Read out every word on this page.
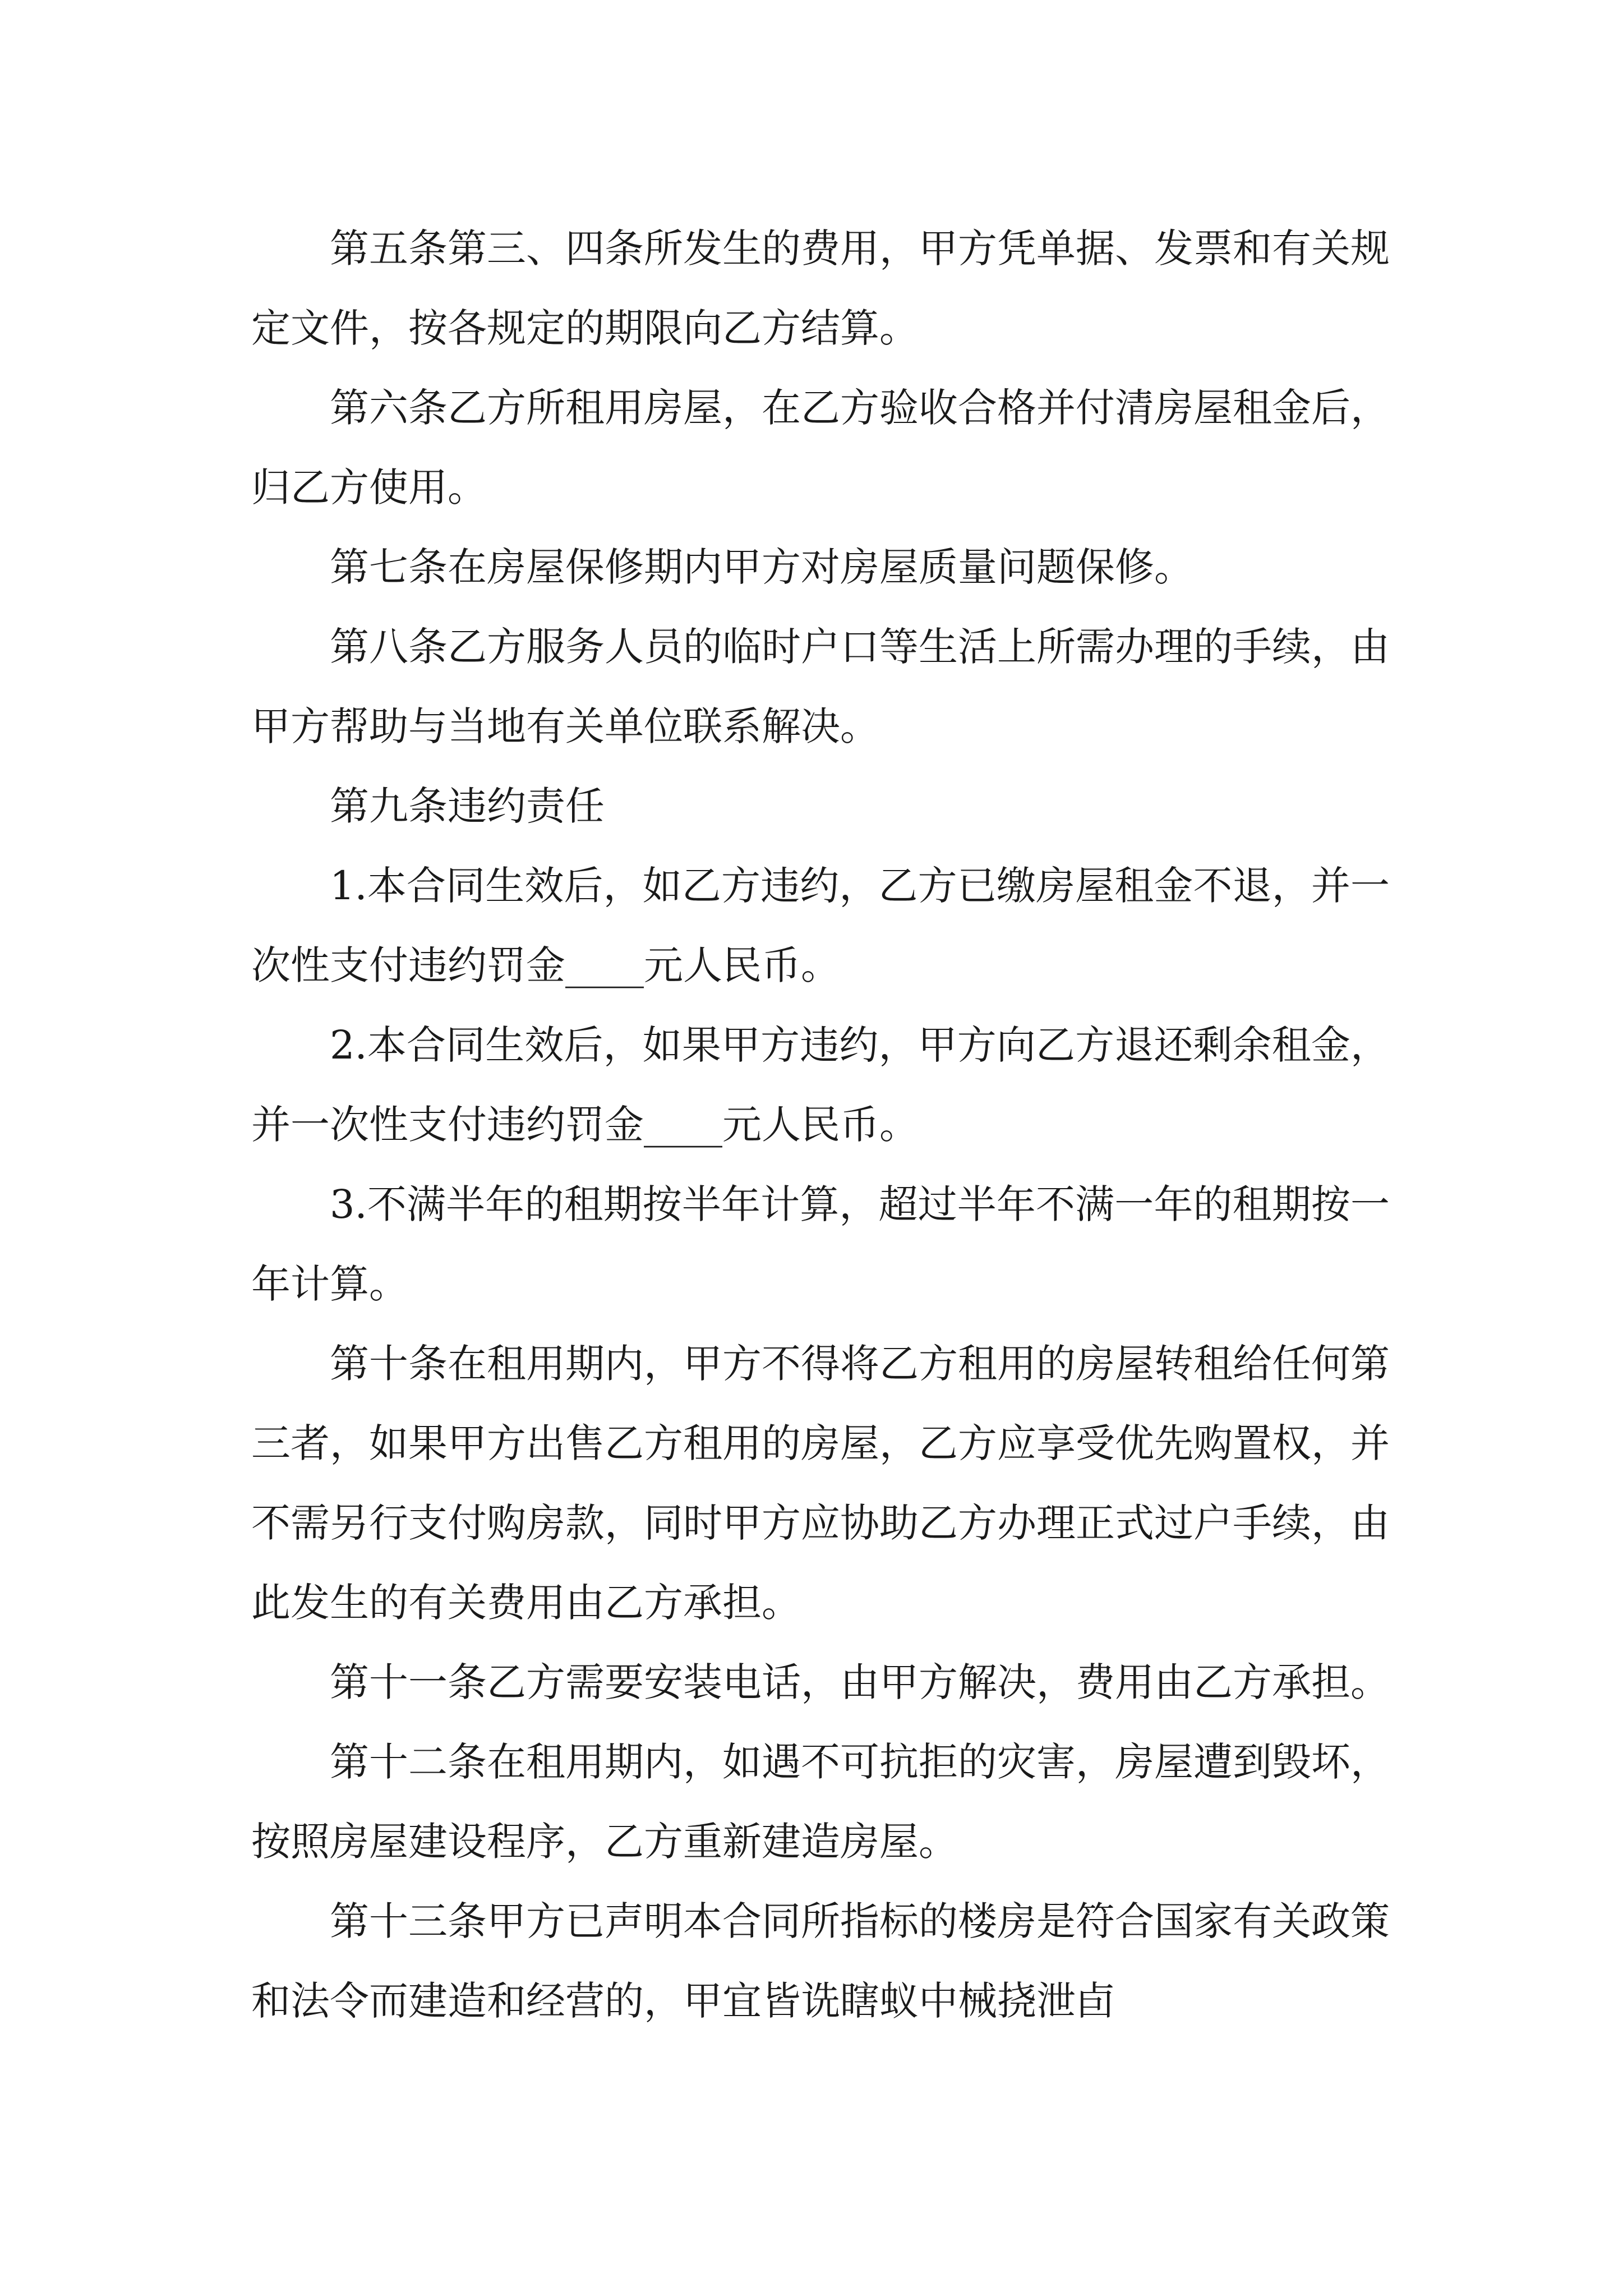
第五条第三、四条所发生的费用，甲方凭单据、发票和有关规定文件，按各规定的期限向乙方结算。

第六条乙方所租用房屋，在乙方验收合格并付清房屋租金后，归乙方使用。

第七条在房屋保修期内甲方对房屋质量问题保修。

第八条乙方服务人员的临时户口等生活上所需办理的手续，由甲方帮助与当地有关单位联系解决。

第九条违约责任

1.本合同生效后，如乙方违约，乙方已缴房屋租金不退，并一次性支付违约罚金____元人民币。

2.本合同生效后，如果甲方违约，甲方向乙方退还剩余租金，并一次性支付违约罚金____元人民币。

3.不满半年的租期按半年计算，超过半年不满一年的租期按一年计算。

第十条在租用期内，甲方不得将乙方租用的房屋转租给任何第三者，如果甲方出售乙方租用的房屋，乙方应享受优先购置权，并不需另行支付购房款，同时甲方应协助乙方办理正式过户手续，由此发生的有关费用由乙方承担。

第十一条乙方需要安装电话，由甲方解决，费用由乙方承担。

第十二条在租用期内，如遇不可抗拒的灾害，房屋遭到毁坏，按照房屋建设程序，乙方重新建造房屋。

第十三条甲方已声明本合同所指标的楼房是符合国家有关政策和法令而建造和经营的，甲宜皆诜瞎蚁中械挠泄卣
